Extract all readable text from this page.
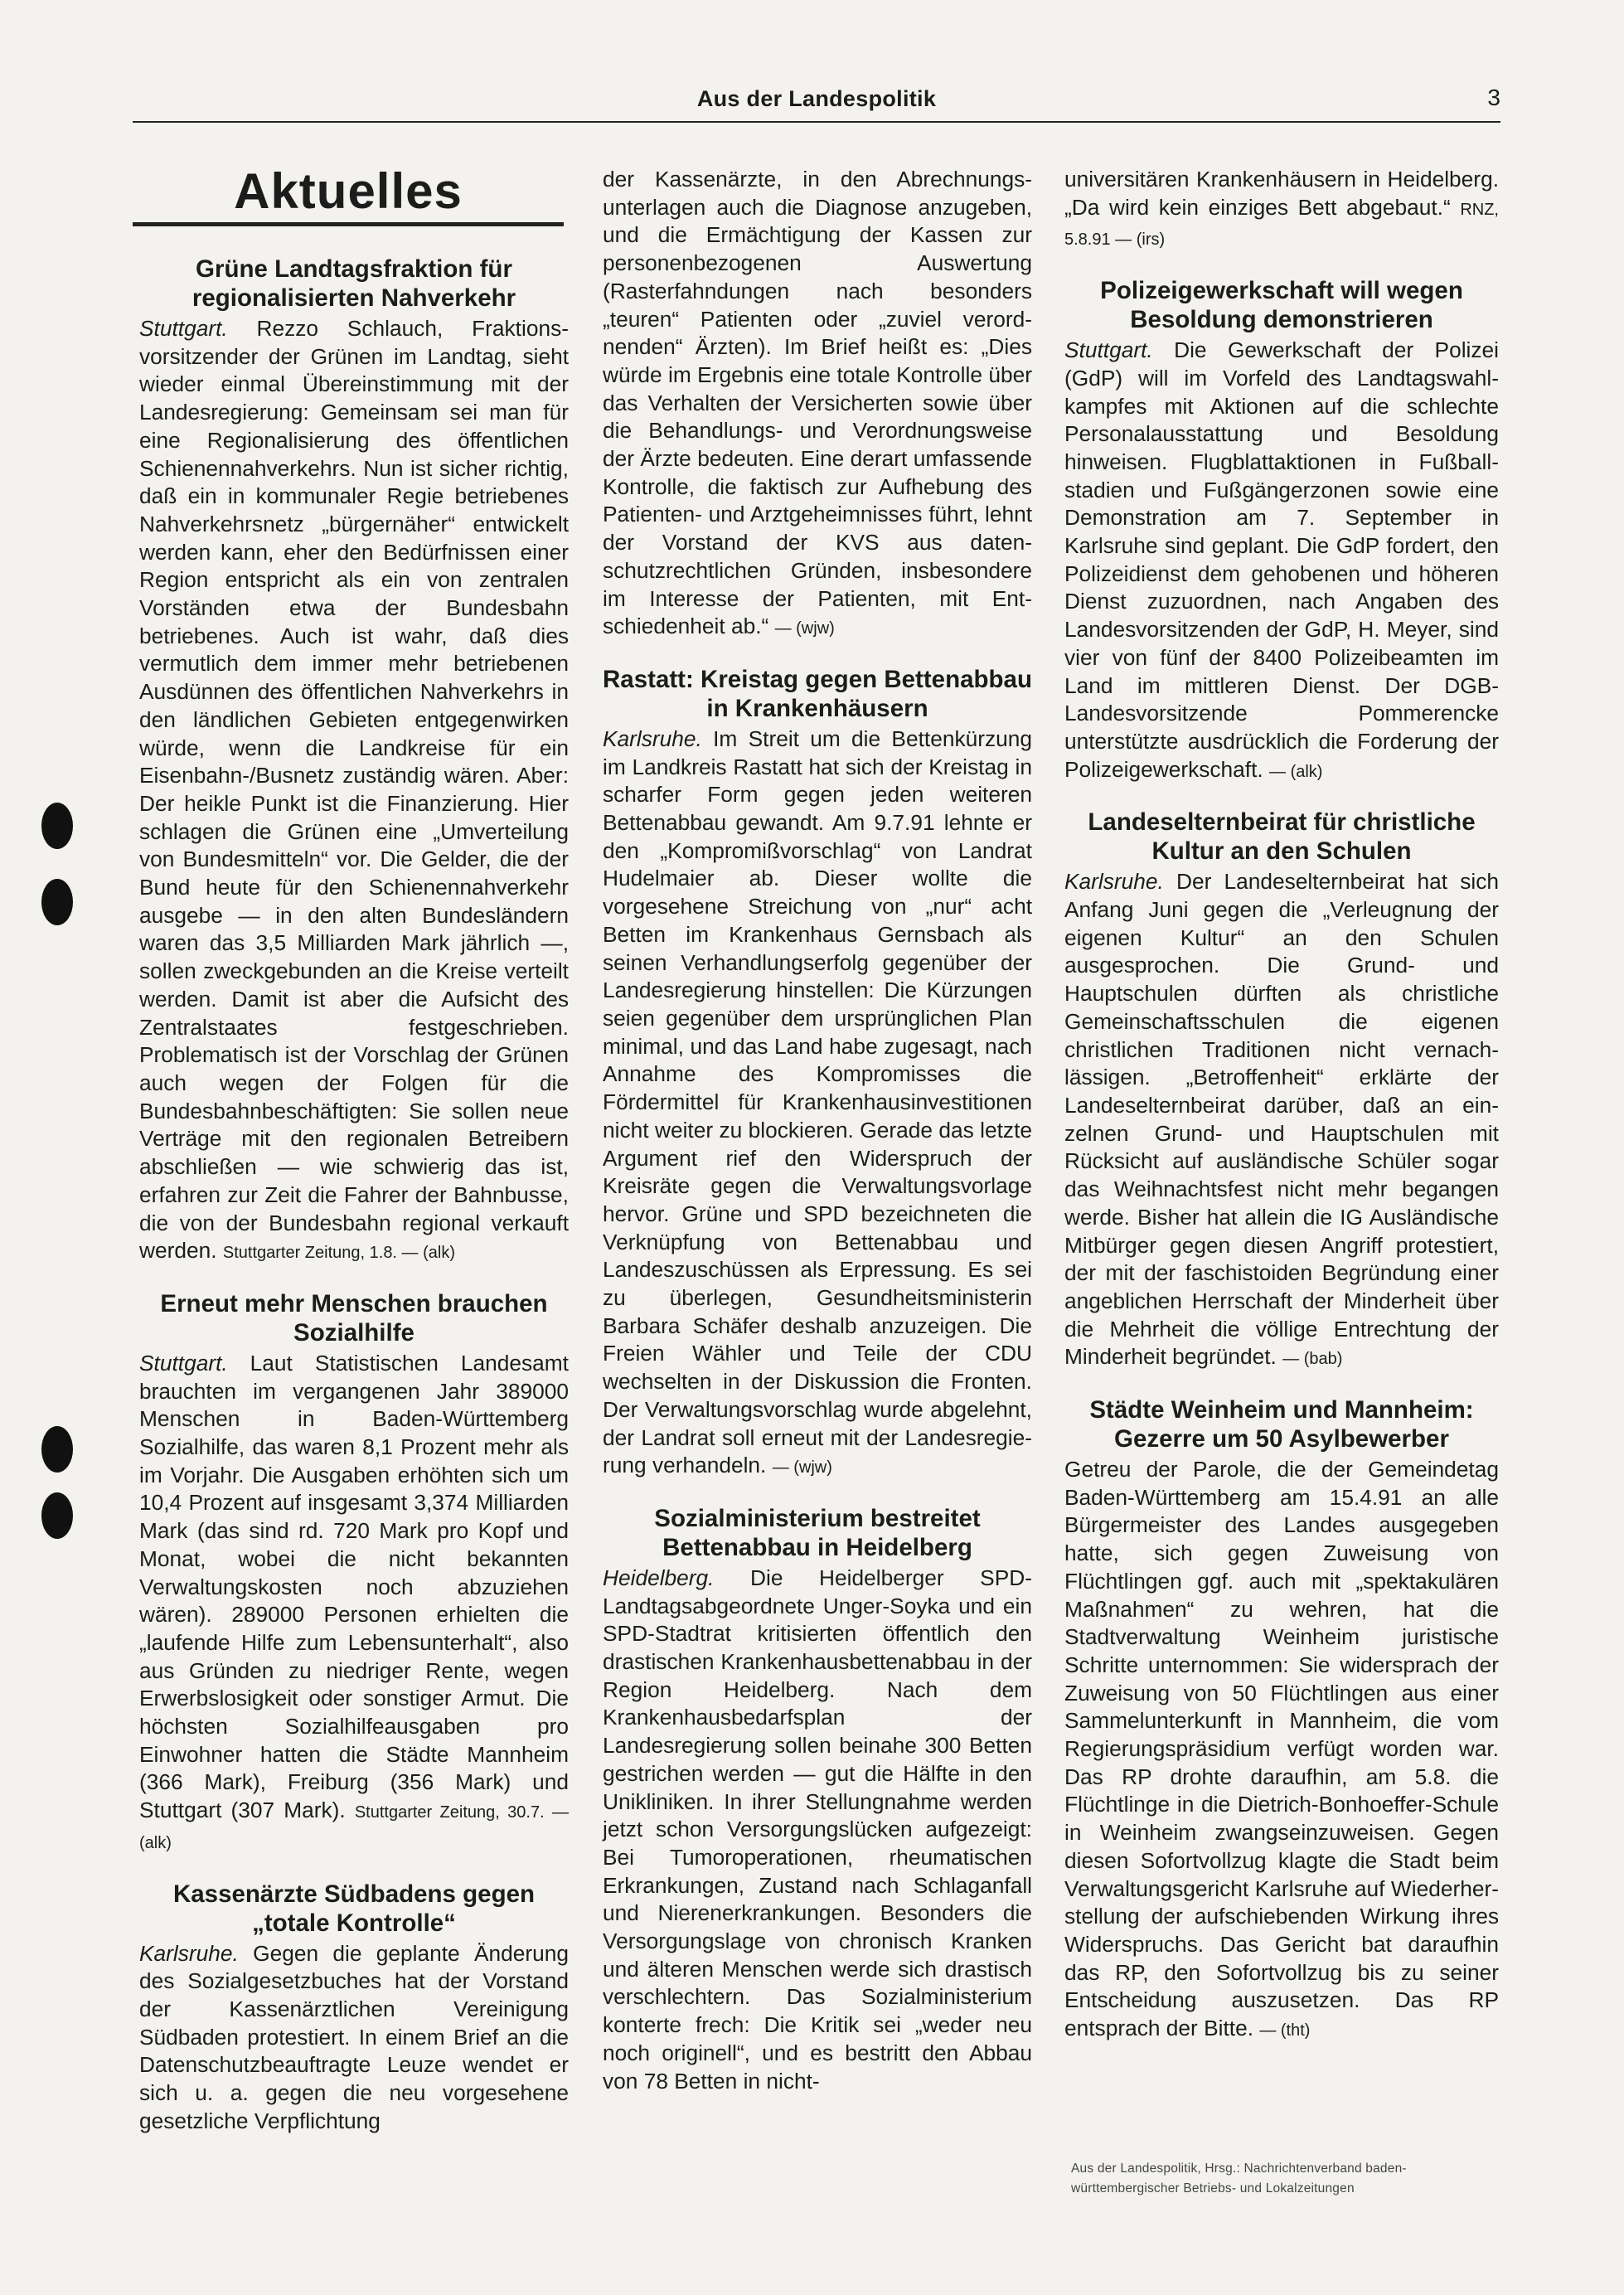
Aus der Landespolitik	3
Aktuelles
Grüne Landtagsfraktion für regionalisierten Nahverkehr

Stuttgart. Rezzo Schlauch, Fraktionsvorsitzender der Grünen im Landtag, sieht wieder einmal Übereinstimmung mit der Landesregierung: Gemeinsam sei man für eine Regionalisierung des öffentlichen Schienennahverkehrs. Nun ist sicher richtig, daß ein in kommunaler Regie betriebenes Nahverkehrsnetz „bürgernäher“ entwickelt werden kann, eher den Bedürfnissen einer Region entspricht als ein von zentralen Vorständen etwa der Bundesbahn betriebenes. Auch ist wahr, daß dies vermutlich dem immer mehr betriebenen Ausdünnen des öffentlichen Nahverkehrs in den ländlichen Gebieten entgegenwirken würde, wenn die Landkreise für ein Eisenbahn-/Busnetz zuständig wären. Aber: Der heikle Punkt ist die Finanzierung. Hier schlagen die Grünen eine „Umverteilung von Bundesmitteln“ vor. Die Gelder, die der Bund heute für den Schienennahverkehr ausgebe — in den alten Bundesländern waren das 3,5 Milliarden Mark jährlich —, sollen zweckgebunden an die Kreise verteilt werden. Damit ist aber die Aufsicht des Zentralstaates festgeschrieben. Problematisch ist der Vorschlag der Grünen auch wegen der Folgen für die Bundesbahnbeschäftigten: Sie sollen neue Verträge mit den regionalen Betreibern abschließen — wie schwierig das ist, erfahren zur Zeit die Fahrer der Bahnbusse, die von der Bundesbahn regional verkauft werden. Stuttgarter Zeitung, 1.8. — (alk)

Erneut mehr Menschen brauchen Sozialhilfe

Stuttgart. Laut Statistischen Landesamt brauchten im vergangenen Jahr 389000 Menschen in Baden-Württemberg Sozialhilfe, das waren 8,1 Prozent mehr als im Vorjahr. Die Ausgaben erhöhten sich um 10,4 Prozent auf insgesamt 3,374 Milliarden Mark (das sind rd. 720 Mark pro Kopf und Monat, wobei die nicht bekannten Verwaltungskosten noch abzuziehen wären). 289000 Personen erhielten die „laufende Hilfe zum Lebensunterhalt“, also aus Gründen zu niedriger Rente, wegen Erwerbslosigkeit oder sonstiger Armut. Die höchsten Sozialhilfeausgaben pro Einwohner hatten die Städte Mannheim (366 Mark), Freiburg (356 Mark) und Stuttgart (307 Mark). Stuttgarter Zeitung, 30.7. — (alk)

Kassenärzte Südbadens gegen „totale Kontrolle“

Karlsruhe. Gegen die geplante Änderung des Sozialgesetzbuches hat der Vorstand der Kassenärztlichen Vereinigung Südbaden protestiert. In einem Brief an die Datenschutzbeauftragte Leuze wendet er sich u. a. gegen die neu vorgesehene gesetzliche Verpflichtung

der Kassenärzte, in den Abrechnungsunterlagen auch die Diagnose anzugeben, und die Ermächtigung der Kassen zur personenbezogenen Auswertung (Rasterfahndungen nach besonders „teuren“ Patienten oder „zuviel verordnenden“ Ärzten). Im Brief heißt es: „Dies würde im Ergebnis eine totale Kontrolle über das Verhalten der Versicherten sowie über die Behandlungs- und Verordnungsweise der Ärzte bedeuten. Eine derart umfassende Kontrolle, die faktisch zur Aufhebung des Patienten- und Arztgeheimnisses führt, lehnt der Vorstand der KVS aus datenschutzrechtlichen Gründen, insbesondere im Interesse der Patienten, mit Entschiedenheit ab.“ — (wjw)

Rastatt: Kreistag gegen Bettenabbau in Krankenhäusern

Karlsruhe. Im Streit um die Bettenkürzung im Landkreis Rastatt hat sich der Kreistag in scharfer Form gegen jeden weiteren Bettenabbau gewandt. Am 9.7.91 lehnte er den „Kompromißvorschlag“ von Landrat Hudelmaier ab. Dieser wollte die vorgesehene Streichung von „nur“ acht Betten im Krankenhaus Gernsbach als seinen Verhandlungserfolg gegenüber der Landesregierung hinstellen: Die Kürzungen seien gegenüber dem ursprünglichen Plan minimal, und das Land habe zugesagt, nach Annahme des Kompromisses die Fördermittel für Krankenhausinvestitionen nicht weiter zu blockieren. Gerade das letzte Argument rief den Widerspruch der Kreisräte gegen die Verwaltungsvorlage hervor. Grüne und SPD bezeichneten die Verknüpfung von Bettenabbau und Landeszuschüssen als Erpressung. Es sei zu überlegen, Gesundheitsministerin Barbara Schäfer deshalb anzuzeigen. Die Freien Wähler und Teile der CDU wechselten in der Diskussion die Fronten. Der Verwaltungsvorschlag wurde abgelehnt, der Landrat soll erneut mit der Landesregierung verhandeln. — (wjw)

Sozialministerium bestreitet Bettenabbau in Heidelberg

Heidelberg. Die Heidelberger SPD-Landtagsabgeordnete Unger-Soyka und ein SPD-Stadtrat kritisierten öffentlich den drastischen Krankenhausbettenabbau in der Region Heidelberg. Nach dem Krankenhausbedarfsplan der Landesregierung sollen beinahe 300 Betten gestrichen werden — gut die Hälfte in den Unikliniken. In ihrer Stellungnahme werden jetzt schon Versorgungslücken aufgezeigt: Bei Tumoroperationen, rheumatischen Erkrankungen, Zustand nach Schlaganfall und Nierenerkrankungen. Besonders die Versorgungslage von chronisch Kranken und älteren Menschen werde sich drastisch verschlechtern. Das Sozialministerium konterte frech: Die Kritik sei „weder neu noch originell“, und es bestritt den Abbau von 78 Betten in nicht-

universitären Krankenhäusern in Heidelberg. „Da wird kein einziges Bett abgebaut.“ RNZ, 5.8.91 — (irs)

Polizeigewerkschaft will wegen Besoldung demonstrieren

Stuttgart. Die Gewerkschaft der Polizei (GdP) will im Vorfeld des Landtagswahlkampfes mit Aktionen auf die schlechte Personalausstattung und Besoldung hinweisen. Flugblattaktionen in Fußballstadien und Fußgängerzonen sowie eine Demonstration am 7. September in Karlsruhe sind geplant. Die GdP fordert, den Polizeidienst dem gehobenen und höheren Dienst zuzuordnen, nach Angaben des Landesvorsitzenden der GdP, H. Meyer, sind vier von fünf der 8400 Polizeibeamten im Land im mittleren Dienst. Der DGB-Landesvorsitzende Pommerencke unterstützte ausdrücklich die Forderung der Polizeigewerkschaft. — (alk)

Landeselternbeirat für christliche Kultur an den Schulen

Karlsruhe. Der Landeselternbeirat hat sich Anfang Juni gegen die „Verleugnung der eigenen Kultur“ an den Schulen ausgesprochen. Die Grund- und Hauptschulen dürften als christliche Gemeinschaftsschulen die eigenen christlichen Traditionen nicht vernachlässigen. „Betroffenheit“ erklärte der Landeselternbeirat darüber, daß an einzelnen Grund- und Hauptschulen mit Rücksicht auf ausländische Schüler sogar das Weihnachtsfest nicht mehr begangen werde. Bisher hat allein die IG Ausländische Mitbürger gegen diesen Angriff protestiert, der mit der faschistoiden Begründung einer angeblichen Herrschaft der Minderheit über die Mehrheit die völlige Entrechtung der Minderheit begründet. — (bab)

Städte Weinheim und Mannheim: Gezerre um 50 Asylbewerber

Getreu der Parole, die der Gemeindetag Baden-Württemberg am 15.4.91 an alle Bürgermeister des Landes ausgegeben hatte, sich gegen Zuweisung von Flüchtlingen ggf. auch mit „spektakulären Maßnahmen“ zu wehren, hat die Stadtverwaltung Weinheim juristische Schritte unternommen: Sie widersprach der Zuweisung von 50 Flüchtlingen aus einer Sammelunterkunft in Mannheim, die vom Regierungspräsidium verfügt worden war. Das RP drohte daraufhin, am 5.8. die Flüchtlinge in die Dietrich-Bonhoeffer-Schule in Weinheim zwangseinzuweisen. Gegen diesen Sofortvollzug klagte die Stadt beim Verwaltungsgericht Karlsruhe auf Wiederherstellung der aufschiebenden Wirkung ihres Widerspruchs. Das Gericht bat daraufhin das RP, den Sofortvollzug bis zu seiner Entscheidung auszusetzen. Das RP entsprach der Bitte. — (tht)

Aus der Landespolitik, Hrsg.: Nachrichtenverband baden-
württembergischer Betriebs- und Lokalzeitungen
